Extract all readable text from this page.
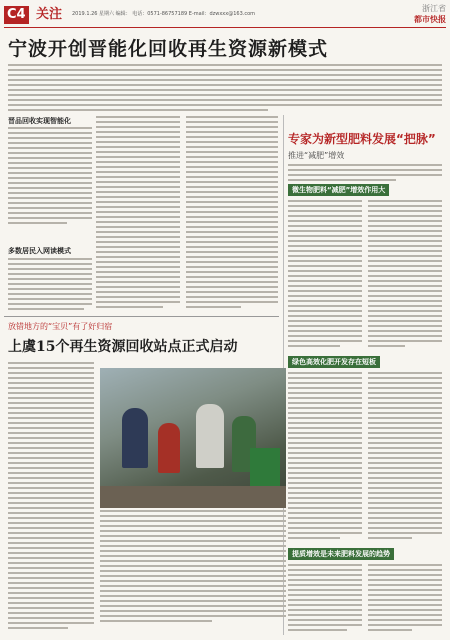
C4 关注 2019.1.26 星期六 编辑： 电话：0571-86757189 E-mail：dzwxxx@163.com
浙江省
都市快报
宁波开创晋能化回收再生资源新模式
晋品回收实现智能化
多数居民入网读模式
专家为新型肥料发展“把脉”
推进“减肥”增效
微生物肥料“减肥”增效作用大
绿色高效化肥开发存在短板
提质增效是未来肥料发展的趋势
放错地方的“宝贝”有了好归宿
上虞15个再生资源回收站点正式启动
